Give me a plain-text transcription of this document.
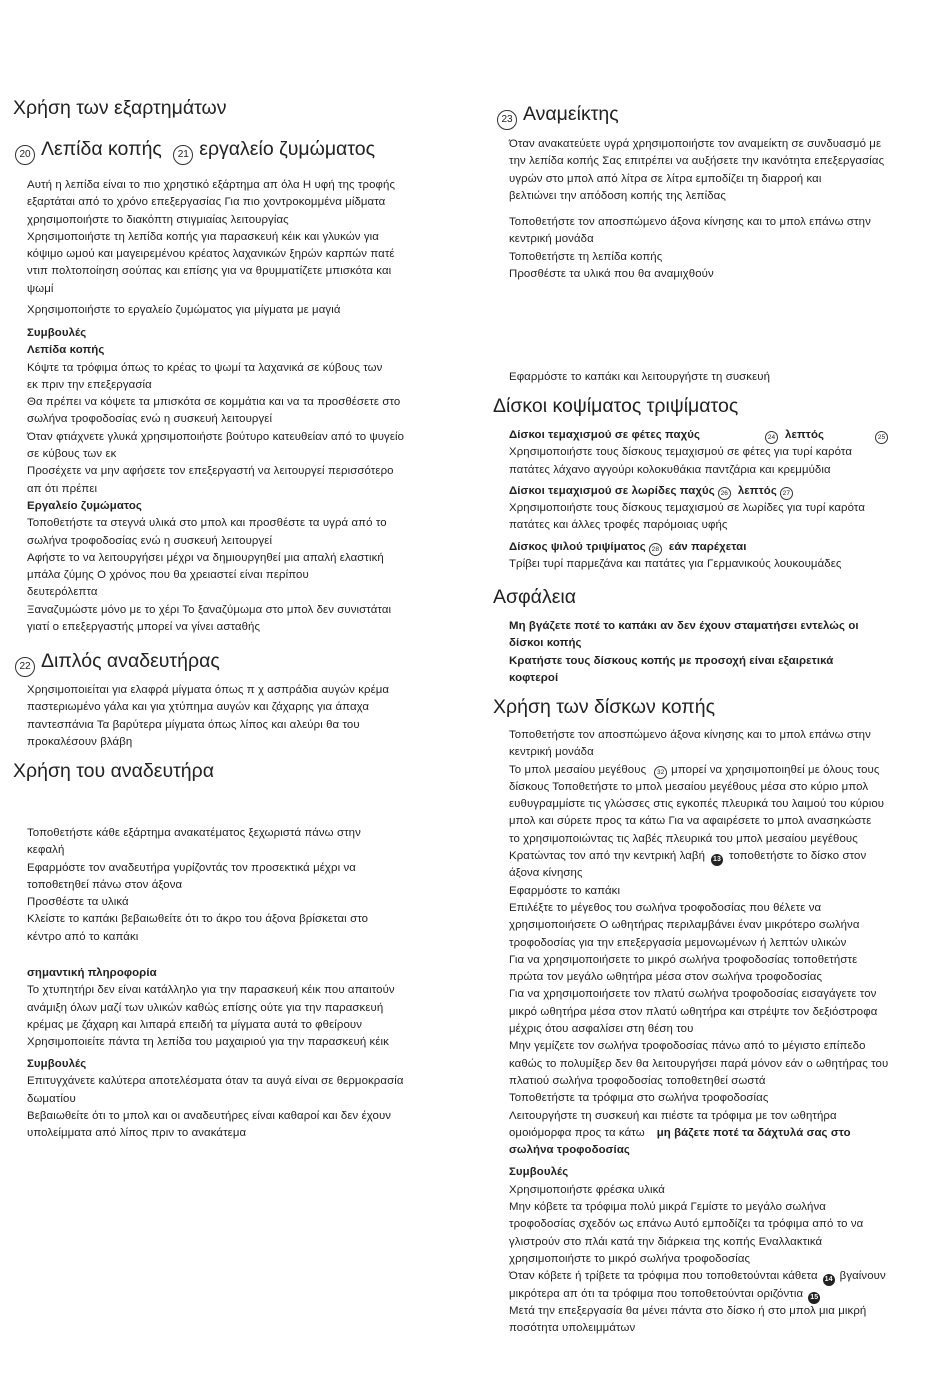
Χρήση των εξαρτημάτων
20 Λεπίδα κοπής 21 εργαλείο ζυμώματος
Αυτή η λεπίδα είναι το πιο χρηστικό εξάρτημα απ όλα Η υφή της τροφής
εξαρτάται από το χρόνο επεξεργασίας Για πιο χοντροκομμένα μίδματα
χρησιμοποιήστε το διακόπτη στιγμιαίας λειτουργίας
Χρησιμοποιήστε τη λεπίδα κοπής για παρασκευή κέικ και γλυκών για
κόψιμο ωμού και μαγειρεμένου κρέατος λαχανικών ξηρών καρπών πατέ
ντιπ πολτοποίηση σούπας και επίσης για να θρυμματίζετε μπισκότα και
ψωμί
Χρησιμοποιήστε το εργαλείο ζυμώματος για μίγματα με μαγιά
Συμβουλές
Λεπίδα κοπής
Κόψτε τα τρόφιμα όπως το κρέας το ψωμί τα λαχανικά σε κύβους των
εκ πριν την επεξεργασία
Θα πρέπει να κόψετε τα μπισκότα σε κομμάτια και να τα προσθέσετε στο
σωλήνα τροφοδοσίας ενώ η συσκευή λειτουργεί
Όταν φτιάχνετε γλυκά χρησιμοποιήστε βούτυρο κατευθείαν από το ψυγείο
σε κύβους των εκ
Προσέχετε να μην αφήσετε τον επεξεργαστή να λειτουργεί περισσότερο
απ ότι πρέπει
Εργαλείο ζυμώματος
Τοποθετήστε τα στεγνά υλικά στο μπολ και προσθέστε τα υγρά από το
σωλήνα τροφοδοσίας ενώ η συσκευή λειτουργεί
Αφήστε το να λειτουργήσει μέχρι να δημιουργηθεί μια απαλή ελαστική
μπάλα ζύμης Ο χρόνος που θα χρειαστεί είναι περίπου
δευτερόλεπτα
Ξαναζυμώστε μόνο με το χέρι Το ξαναζύμωμα στο μπολ δεν συνιστάται
γιατί ο επεξεργαστής μπορεί να γίνει ασταθής
22 Διπλός αναδευτήρας
Χρησιμοποιείται για ελαφρά μίγματα όπως π χ ασπράδια αυγών κρέμα
παστεριωμένο γάλα και για χτύπημα αυγών και ζάχαρης για άπαχα
παντεσπάνια Τα βαρύτερα μίγματα όπως λίπος και αλεύρι θα του
προκαλέσουν βλάβη
Χρήση του αναδευτήρα
Τοποθετήστε κάθε εξάρτημα ανακατέματος ξεχωριστά πάνω στην
κεφαλή
Εφαρμόστε τον αναδευτήρα γυρίζοντάς τον προσεκτικά μέχρι να
τοποθετηθεί πάνω στον άξονα
Προσθέστε τα υλικά
Κλείστε το καπάκι βεβαιωθείτε ότι το άκρο του άξονα βρίσκεται στο
κέντρο από το καπάκι
σημαντική πληροφορία
Το χτυπητήρι δεν είναι κατάλληλο για την παρασκευή κέικ που απαιτούν
ανάμιξη όλων μαζί των υλικών καθώς επίσης ούτε για την παρασκευή
κρέμας με ζάχαρη και λιπαρά επειδή τα μίγματα αυτά το φθείρουν
Χρησιμοποιείτε πάντα τη λεπίδα του μαχαιριού για την παρασκευή κέικ
Συμβουλές
Επιτυγχάνετε καλύτερα αποτελέσματα όταν τα αυγά είναι σε θερμοκρασία
δωματίου
Βεβαιωθείτε ότι το μπολ και οι αναδευτήρες είναι καθαροί και δεν έχουν
υπολείμματα από λίπος πριν το ανακάτεμα
23 Αναμείκτης
Όταν ανακατεύετε υγρά χρησιμοποιήστε τον αναμείκτη σε συνδυασμό με
την λεπίδα κοπής Σας επιτρέπει να αυξήσετε την ικανότητα επεξεργασίας
υγρών στο μπολ από λίτρα σε λίτρα εμποδίζει τη διαρροή και
βελτιώνει την απόδοση κοπής της λεπίδας
Τοποθετήστε τον αποσπώμενο άξονα κίνησης και το μπολ επάνω στην
κεντρική μονάδα
Τοποθετήστε τη λεπίδα κοπής
Προσθέστε τα υλικά που θα αναμιχθούν
Εφαρμόστε το καπάκι και λειτουργήστε τη συσκευή
Δίσκοι κοψίματος τριψίματος
Δίσκοι τεμαχισμού σε φέτες παχύς	24 λεπτός	25
Χρησιμοποιήστε τους δίσκους τεμαχισμού σε φέτες για τυρί καρότα
πατάτες λάχανο αγγούρι κολοκυθάκια παντζάρια και κρεμμύδια
Δίσκοι τεμαχισμού σε λωρίδες παχύς 26 λεπτός 27
Χρησιμοποιήστε τους δίσκους τεμαχισμού σε λωρίδες για τυρί καρότα
πατάτες και άλλες τροφές παρόμοιας υφής
Δίσκος ψιλού τριψίματος 28 εάν παρέχεται
Τρίβει τυρί παρμεζάνα και πατάτες για Γερμανικούς λουκουμάδες
Ασφάλεια
Μη βγάζετε ποτέ το καπάκι αν δεν έχουν σταματήσει εντελώς οι
δίσκοι κοπής
Κρατήστε τους δίσκους κοπής με προσοχή είναι εξαιρετικά
κοφτεροί
Χρήση των δίσκων κοπής
Τοποθετήστε τον αποσπώμενο άξονα κίνησης και το μπολ επάνω στην
κεντρική μονάδα
Το μπολ μεσαίου μεγέθους 32 μπορεί να χρησιμοποιηθεί με όλους τους
δίσκους Τοποθετήστε το μπολ μεσαίου μεγέθους μέσα στο κύριο μπολ
ευθυγραμμίστε τις γλώσσες στις εγκοπές πλευρικά του λαιμού του κύριου
μπολ και σύρετε προς τα κάτω Για να αφαιρέσετε το μπολ ανασηκώστε
το χρησιμοποιώντας τις λαβές πλευρικά του μπολ μεσαίου μεγέθους
Κρατώντας τον από την κεντρική λαβή 13 τοποθετήστε το δίσκο στον
άξονα κίνησης
Εφαρμόστε το καπάκι
Επιλέξτε το μέγεθος του σωλήνα τροφοδοσίας που θέλετε να
χρησιμοποιήσετε Ο ωθητήρας περιλαμβάνει έναν μικρότερο σωλήνα
τροφοδοσίας για την επεξεργασία μεμονωμένων ή λεπτών υλικών
Για να χρησιμοποιήσετε το μικρό σωλήνα τροφοδοσίας τοποθετήστε
πρώτα τον μεγάλο ωθητήρα μέσα στον σωλήνα τροφοδοσίας
Για να χρησιμοποιήσετε τον πλατύ σωλήνα τροφοδοσίας εισαγάγετε τον
μικρό ωθητήρα μέσα στον πλατύ ωθητήρα και στρέψτε τον δεξιόστροφα
μέχρις ότου ασφαλίσει στη θέση του
Μην γεμίζετε τον σωλήνα τροφοδοσίας πάνω από το μέγιστο επίπεδο
καθώς το πολυμίξερ δεν θα λειτουργήσει παρά μόνον εάν ο ωθητήρας του
πλατιού σωλήνα τροφοδοσίας τοποθετηθεί σωστά
Τοποθετήστε τα τρόφιμα στο σωλήνα τροφοδοσίας
Λειτουργήστε τη συσκευή και πιέστε τα τρόφιμα με τον ωθητήρα
ομοιόμορφα προς τα κάτω μη βάζετε ποτέ τα δάχτυλά σας στο
σωλήνα τροφοδοσίας
Συμβουλές
Χρησιμοποιήστε φρέσκα υλικά
Μην κόβετε τα τρόφιμα πολύ μικρά Γεμίστε το μεγάλο σωλήνα
τροφοδοσίας σχεδόν ως επάνω Αυτό εμποδίζει τα τρόφιμα από το να
γλιστρούν στο πλάι κατά την διάρκεια της κοπής Εναλλακτικά
χρησιμοποιήστε το μικρό σωλήνα τροφοδοσίας
Όταν κόβετε ή τρίβετε τα τρόφιμα που τοποθετούνται κάθετα 14 βγαίνουν
μικρότερα απ ότι τα τρόφιμα που τοποθετούνται οριζόντια 15
Μετά την επεξεργασία θα μένει πάντα στο δίσκο ή στο μπολ μια μικρή
ποσότητα υπολειμμάτων
